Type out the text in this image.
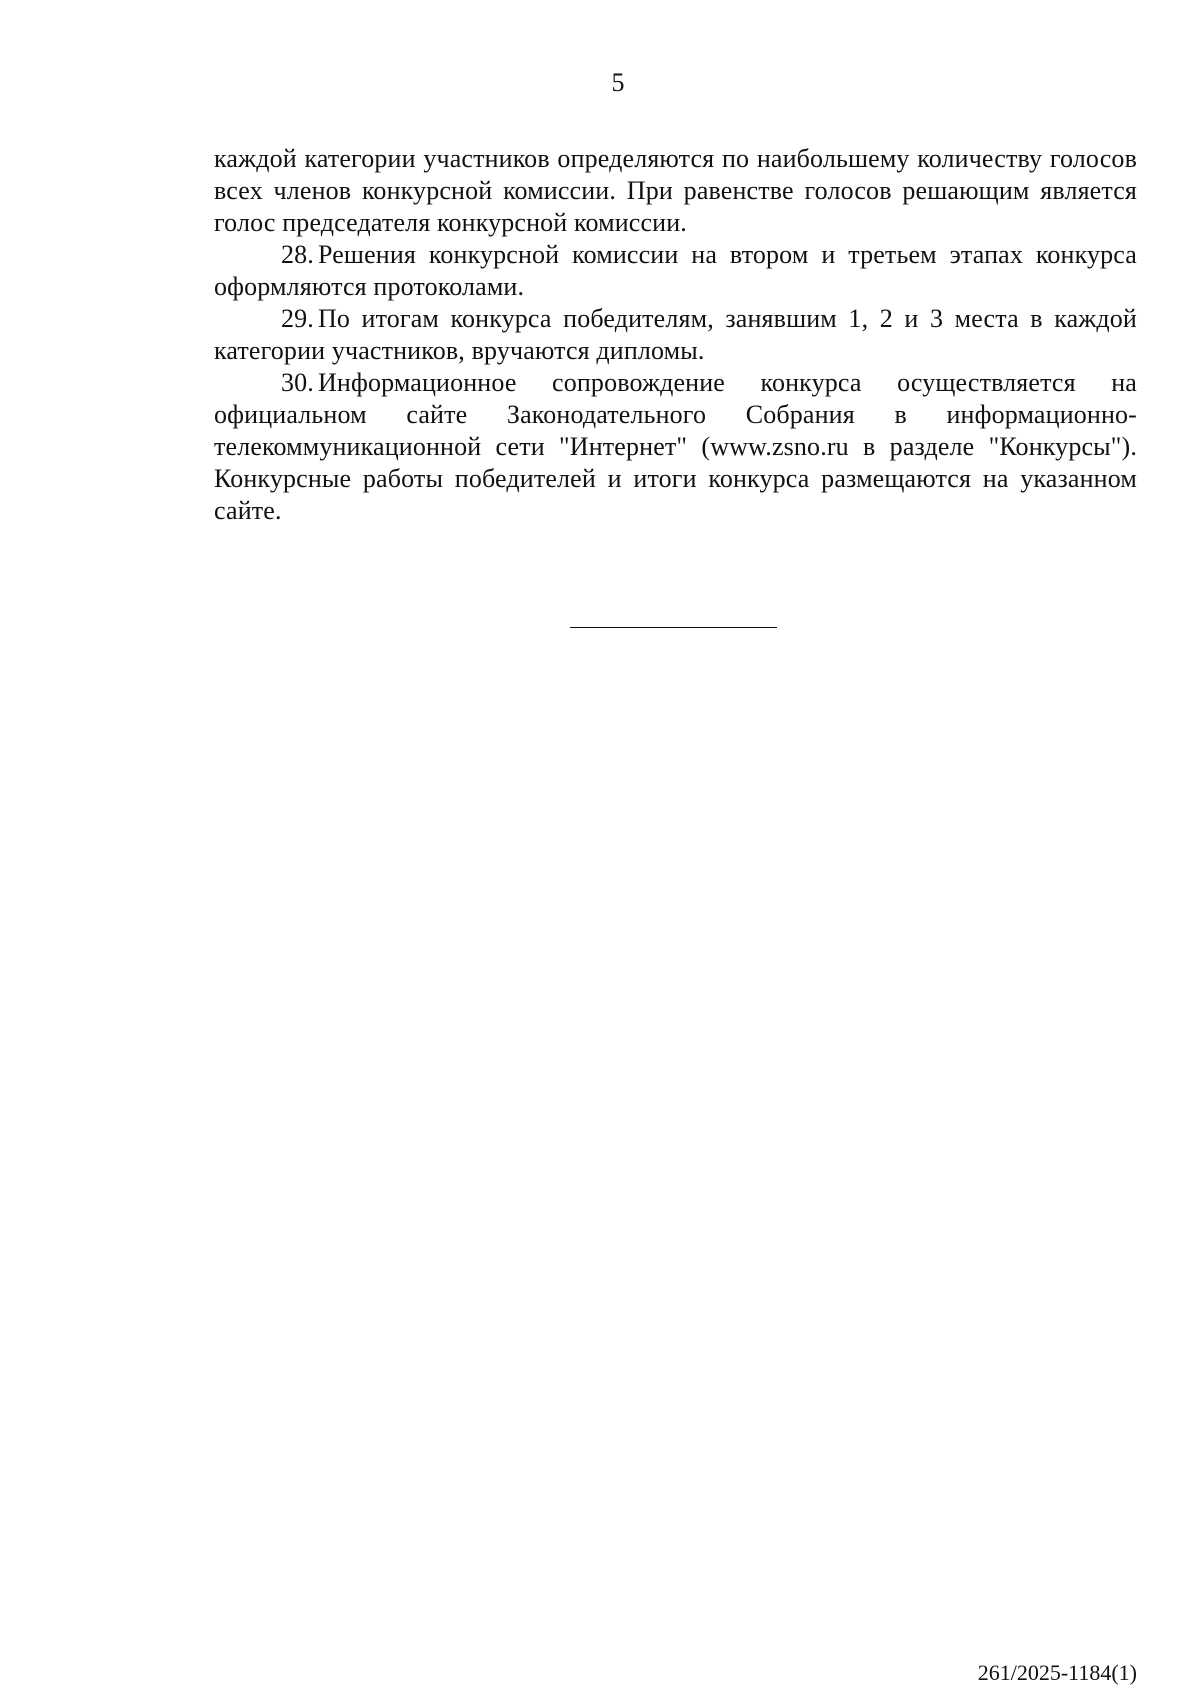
5

каждой категории участников определяются по наибольшему количеству голосов всех членов конкурсной комиссии. При равенстве голосов решающим является голос председателя конкурсной комиссии.

28. Решения конкурсной комиссии на втором и третьем этапах конкурса оформляются протоколами.

29. По итогам конкурса победителям, занявшим 1, 2 и 3 места в каждой категории участников, вручаются дипломы.

30. Информационное сопровождение конкурса осуществляется на официальном сайте Законодательного Собрания в информационно-телекоммуникационной сети "Интернет" (www.zsno.ru в разделе "Конкурсы"). Конкурсные работы победителей и итоги конкурса размещаются на указанном сайте.

261/2025-1184(1)
